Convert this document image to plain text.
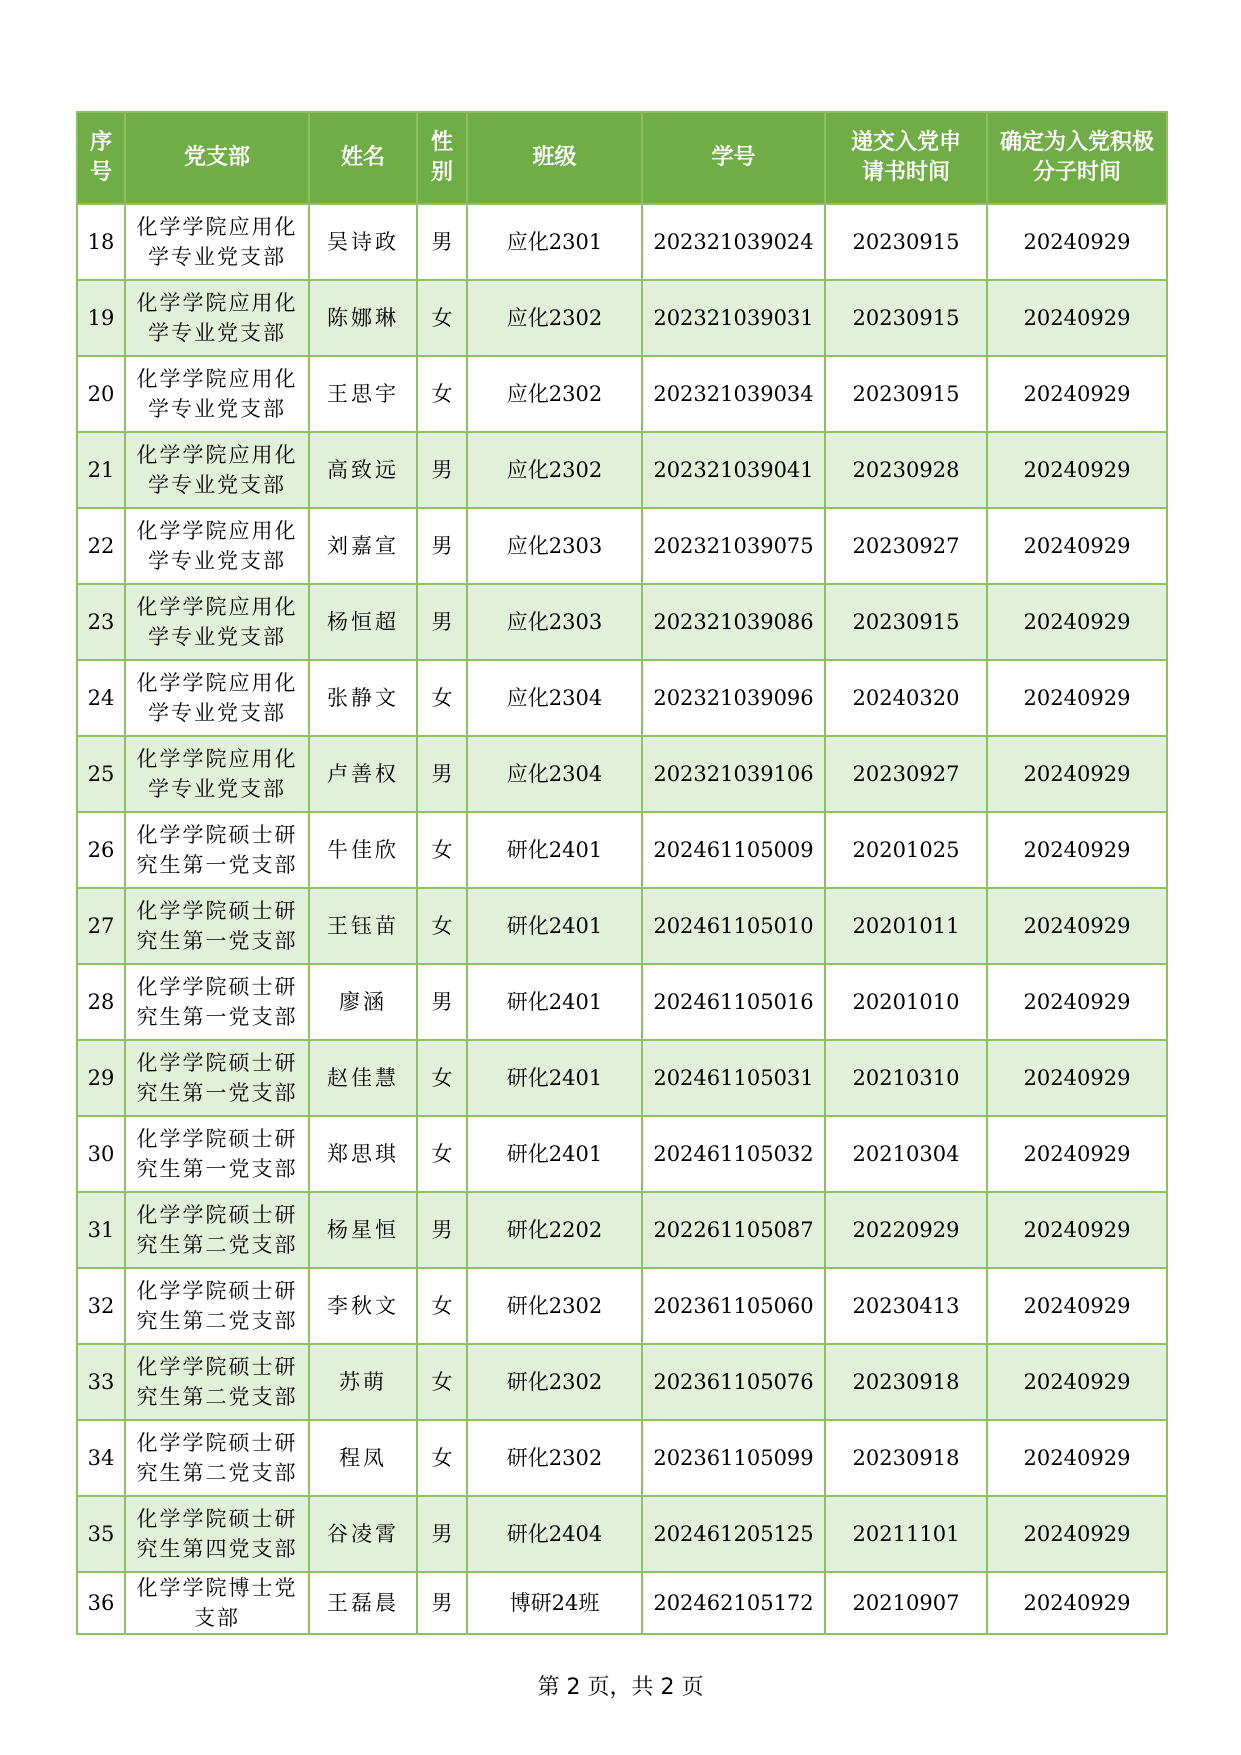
序号	党支部	姓名	性别	班级	学号	递交入党申请书时间	确定为入党积极分子时间
18	化学学院应用化学专业党支部	吴诗政	男	应化2301	202321039024	20230915	20240929
19	化学学院应用化学专业党支部	陈娜琳	女	应化2302	202321039031	20230915	20240929
20	化学学院应用化学专业党支部	王思宇	女	应化2302	202321039034	20230915	20240929
21	化学学院应用化学专业党支部	高致远	男	应化2302	202321039041	20230928	20240929
22	化学学院应用化学专业党支部	刘嘉宣	男	应化2303	202321039075	20230927	20240929
23	化学学院应用化学专业党支部	杨恒超	男	应化2303	202321039086	20230915	20240929
24	化学学院应用化学专业党支部	张静文	女	应化2304	202321039096	20240320	20240929
25	化学学院应用化学专业党支部	卢善权	男	应化2304	202321039106	20230927	20240929
26	化学学院硕士研究生第一党支部	牛佳欣	女	研化2401	202461105009	20201025	20240929
27	化学学院硕士研究生第一党支部	王钰苗	女	研化2401	202461105010	20201011	20240929
28	化学学院硕士研究生第一党支部	廖涵	男	研化2401	202461105016	20201010	20240929
29	化学学院硕士研究生第一党支部	赵佳慧	女	研化2401	202461105031	20210310	20240929
30	化学学院硕士研究生第一党支部	郑思琪	女	研化2401	202461105032	20210304	20240929
31	化学学院硕士研究生第二党支部	杨星恒	男	研化2202	202261105087	20220929	20240929
32	化学学院硕士研究生第二党支部	李秋文	女	研化2302	202361105060	20230413	20240929
33	化学学院硕士研究生第二党支部	苏萌	女	研化2302	202361105076	20230918	20240929
34	化学学院硕士研究生第二党支部	程凤	女	研化2302	202361105099	20230918	20240929
35	化学学院硕士研究生第四党支部	谷凌霄	男	研化2404	202461205125	20211101	20240929
36	化学学院博士党支部	王磊晨	男	博研24班	202462105172	20210907	20240929
第 2 页，共 2 页
